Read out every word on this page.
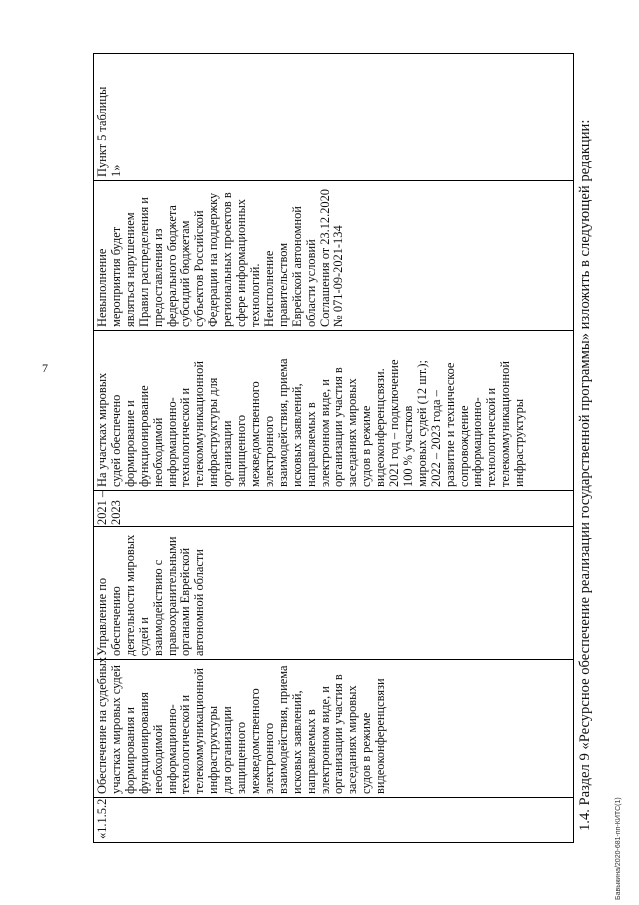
7
«1.1.5.2
Обеспечение на судебных участках мировых судей формирования и функционирования необходимой информационно- технологической и телекоммуникационной инфраструктуры для организации защищенного межведомственного электронного взаимодействия, приема исковых заявлений, направляемых в электронном виде, и организации участия в заседаниях мировых судов в режиме видеоконференцсвязи
Управление по обеспечению деятельности мировых судей и взаимодействию с правоохранительными органами Еврейской автономной области
2021 – 2023
На участках мировых судей обеспечено формирование и функционирование необходимой информационно- технологической и телекоммуникационной инфраструктуры для организации защищенного межведомственного электронного взаимодействия, приема исковых заявлений, направляемых в электронном виде, и организации участия в заседаниях мировых судов в режиме видеоконференцсвязи. 2021 год – подключение 100 % участков мировых судей (12 шт.); 2022 – 2023 года – развитие и техническое сопровождение информационно- технологической и телекоммуникационной инфраструктуры
Невыполнение мероприятия будет являться нарушением Правил распределения и предоставления из федерального бюджета субсидий бюджетам субъектов Российской Федерации на поддержку региональных проектов в сфере информационных технологий. Неисполнение правительством Еврейской автономной области условий Соглашения от 23.12.2020 № 071-09-2021-134
Пункт 5 таблицы 1»	1.4. Раздел 9 «Ресурсное обеспечение реализации государственной программы» изложить в следующей редакции:
Бавыкина/2020-681-пп-КИТС(1)
